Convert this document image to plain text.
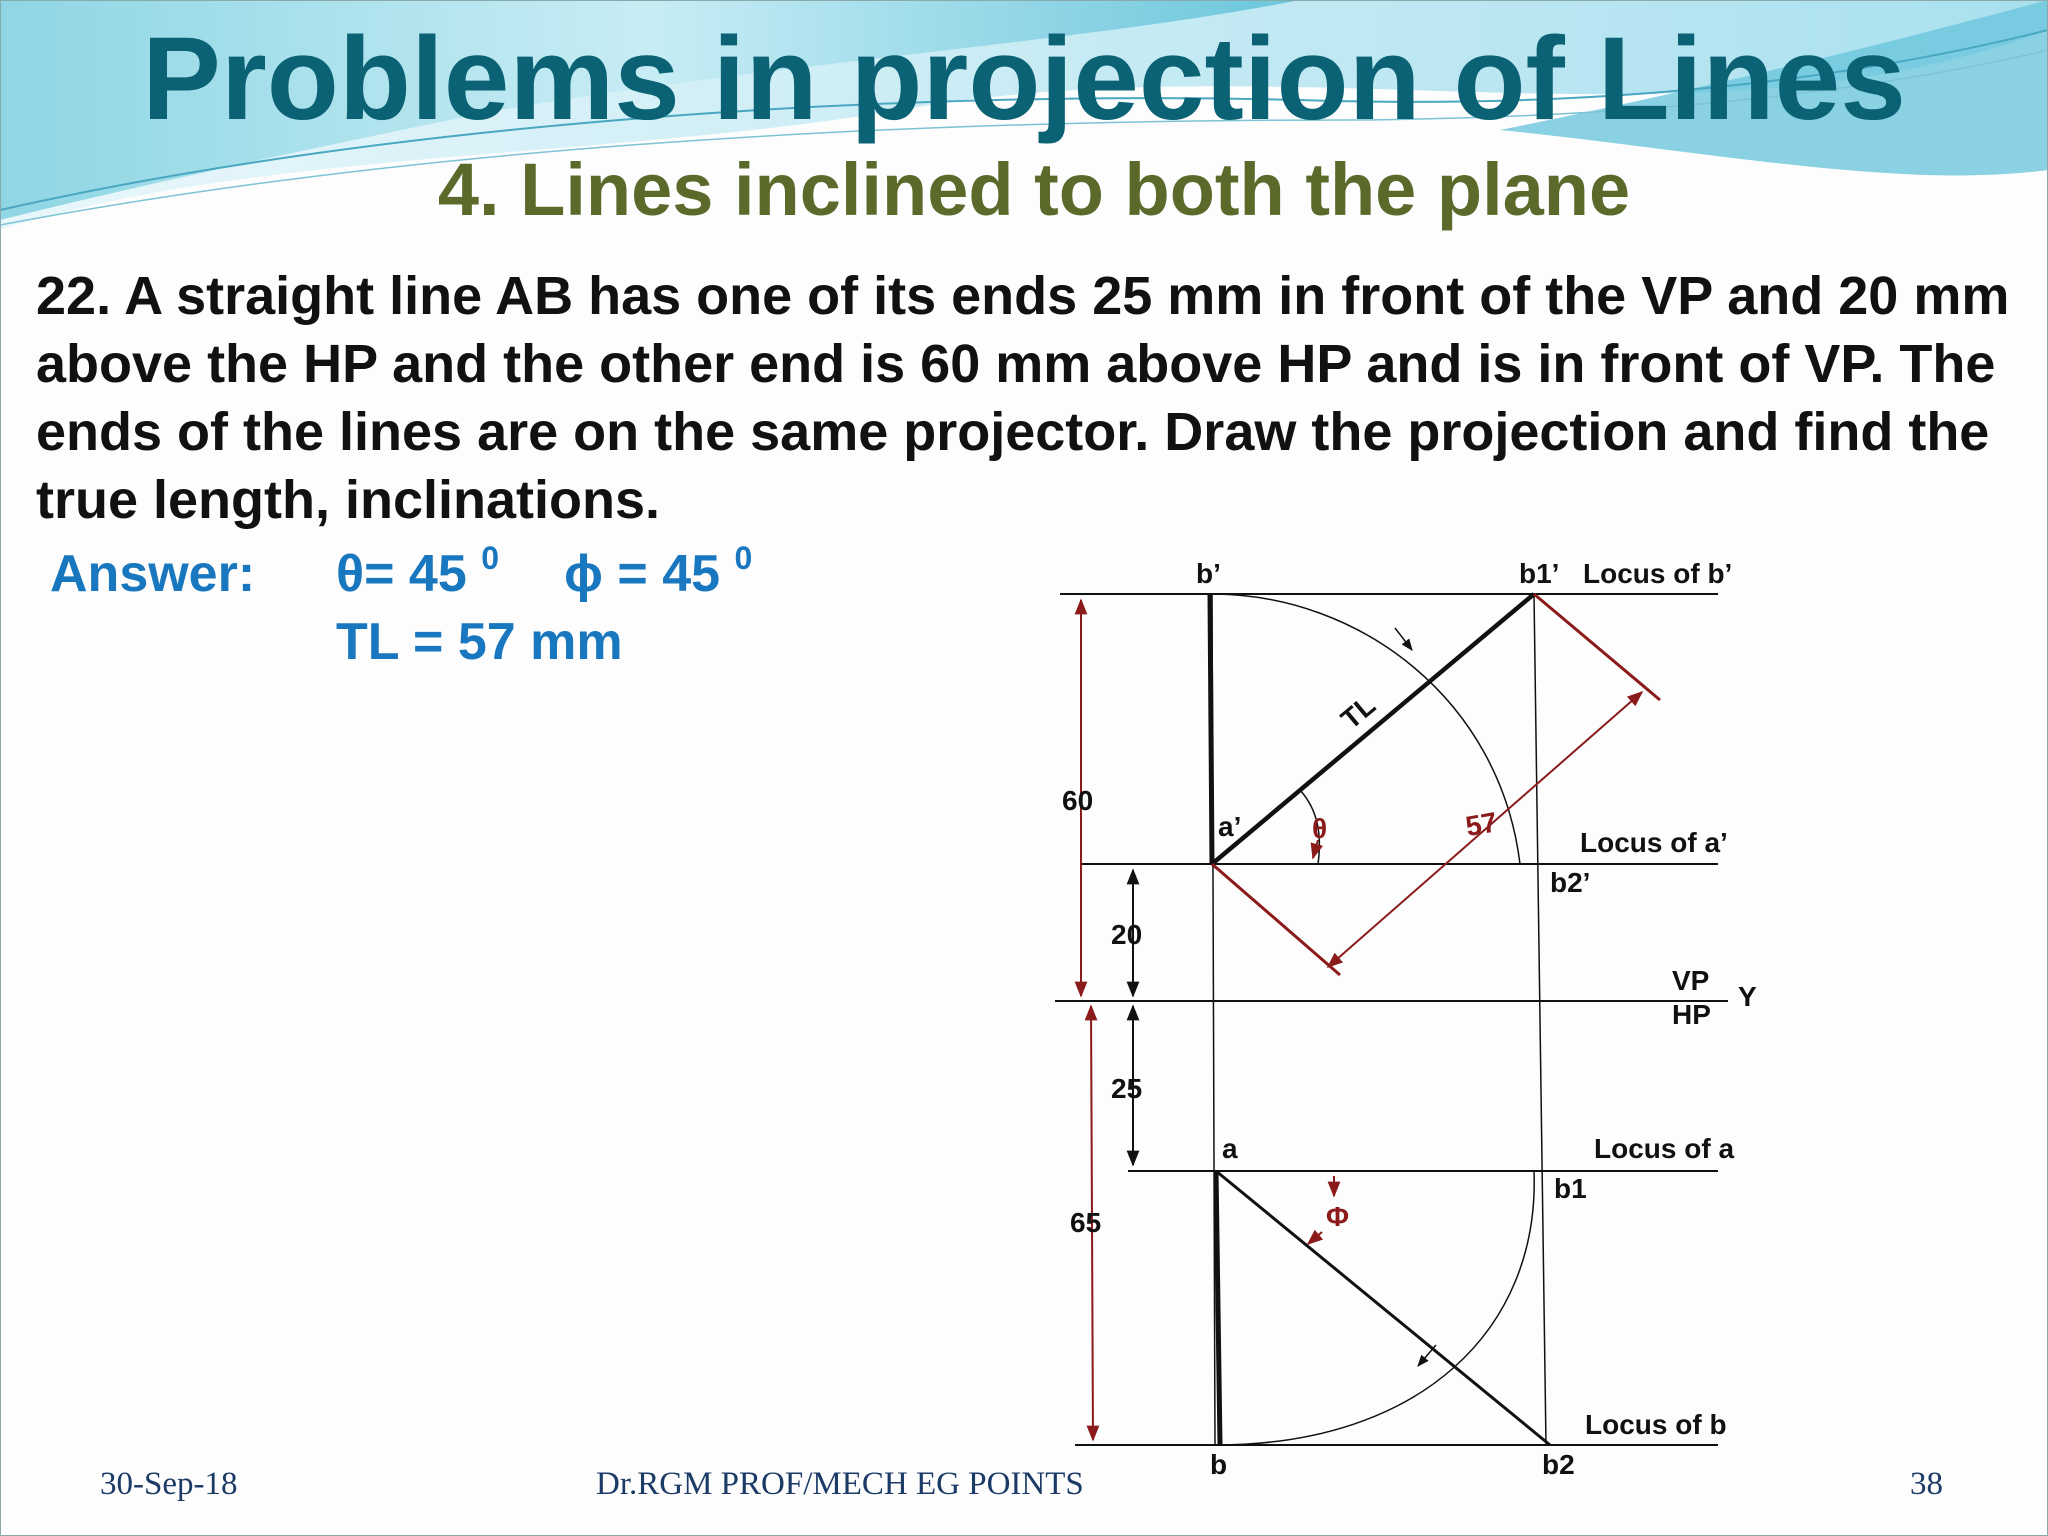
Problems in projection of Lines
4. Lines inclined to both the plane
22. A straight line AB has one of its ends 25 mm in front of the VP and 20 mm above the HP and the other end is 60 mm above HP and is in front of VP. The ends of the lines are on the same projector. Draw the projection and find the true length, inclinations.
Answer: θ= 45 $^0$ ϕ = 45 $^0$
TL = 57 mm
b’	b1’ Locus of b’
TL
a’	θ	57
Locus of a’
b2’
VP
HP
Y
a	Locus of a
b1
Φ
Locus of b
b	b2
60
20
25
65
30-Sep-18	Dr.RGM PROF/MECH EG POINTS	38
